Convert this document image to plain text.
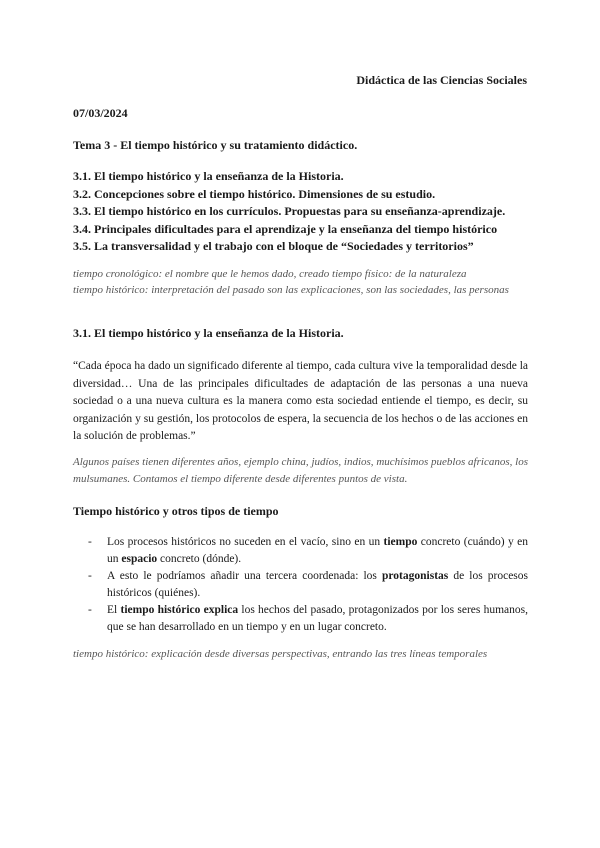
Didáctica de las Ciencias Sociales
07/03/2024
Tema 3 - El tiempo histórico y su tratamiento didáctico.
3.1. El tiempo histórico y la enseñanza de la Historia.
3.2. Concepciones sobre el tiempo histórico. Dimensiones de su estudio.
3.3. El tiempo histórico en los currículos. Propuestas para su enseñanza-aprendizaje.
3.4. Principales dificultades para el aprendizaje y la enseñanza del tiempo histórico
3.5. La transversalidad y el trabajo con el bloque de “Sociedades y territorios”
tiempo cronológico: el nombre que le hemos dado, creado tiempo físico: de la naturaleza
tiempo histórico: interpretación del pasado son las explicaciones, son las sociedades, las personas
3.1. El tiempo histórico y la enseñanza de la Historia.
“Cada época ha dado un significado diferente al tiempo, cada cultura vive la temporalidad desde la diversidad… Una de las principales dificultades de adaptación de las personas a una nueva sociedad o a una nueva cultura es la manera como esta sociedad entiende el tiempo, es decir, su organización y su gestión, los protocolos de espera, la secuencia de los hechos o de las acciones en la solución de problemas.”
Algunos países tienen diferentes años, ejemplo china, judíos, indios, muchísimos pueblos africanos, los mulsumanes. Contamos el tiempo diferente desde diferentes puntos de vista.
Tiempo histórico y otros tipos de tiempo
- Los procesos históricos no suceden en el vacío, sino en un tiempo concreto (cuándo) y en un espacio concreto (dónde).
- A esto le podríamos añadir una tercera coordenada: los protagonistas de los procesos históricos (quiénes).
- El tiempo histórico explica los hechos del pasado, protagonizados por los seres humanos, que se han desarrollado en un tiempo y en un lugar concreto.
tiempo histórico: explicación desde diversas perspectivas, entrando las tres líneas temporales
